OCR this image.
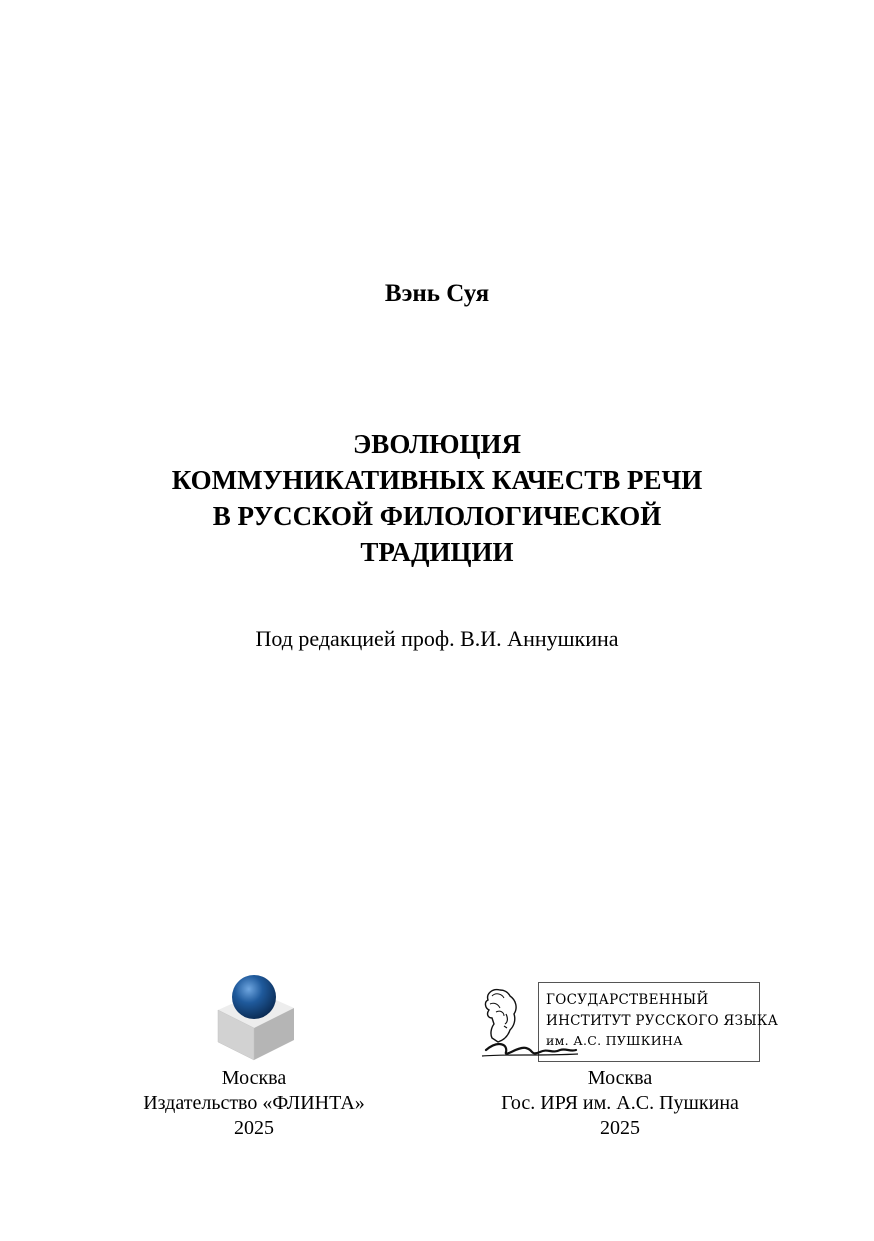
Вэнь Суя
ЭВОЛЮЦИЯ
КОММУНИКАТИВНЫХ КАЧЕСТВ РЕЧИ
В РУССКОЙ ФИЛОЛОГИЧЕСКОЙ
ТРАДИЦИИ
Под редакцией проф. В.И. Аннушкина
ГОСУДАРСТВЕННЫЙ
ИНСТИТУТ РУССКОГО ЯЗЫКА
им. А.С. ПУШКИНА
Москва
Издательство «ФЛИНТА»
2025
Москва
Гос. ИРЯ им. А.С. Пушкина
2025
